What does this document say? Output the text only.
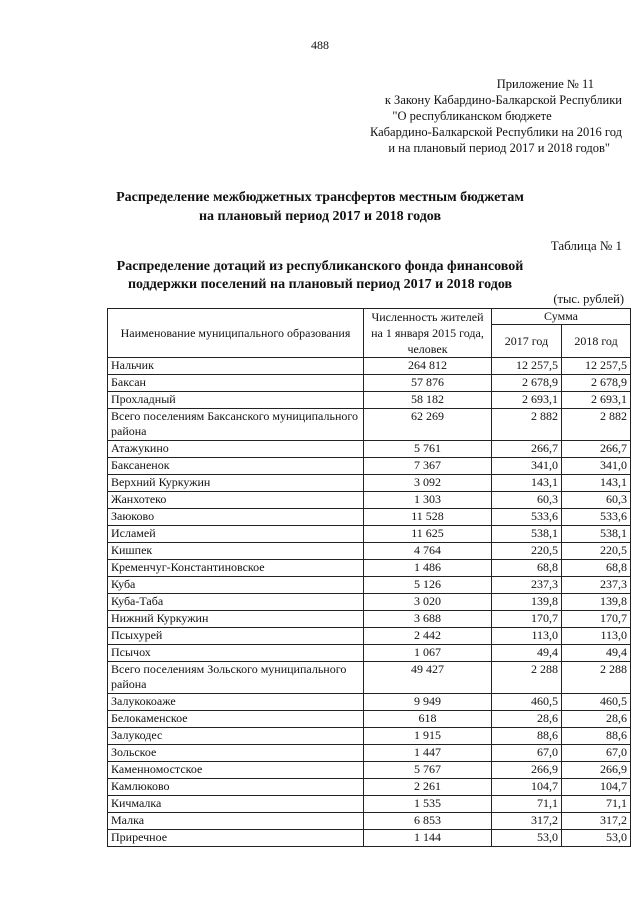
488
Приложение № 11
к Закону Кабардино-Балкарской Республики
"О республиканском бюджете
Кабардино-Балкарской Республики на 2016 год
и на плановый период 2017 и 2018 годов"
Распределение межбюджетных трансфертов местным бюджетам
на плановый период 2017 и 2018 годов
Таблица № 1
Распределение дотаций из республиканского фонда финансовой
поддержки поселений на плановый период 2017 и 2018 годов
(тыс. рублей)
Наименование муниципального образования	Численность жителей на 1 января 2015 года, человек	Сумма	
		2017 год	2018 год
Нальчик	264 812	12 257,5	12 257,5
Баксан	57 876	2 678,9	2 678,9
Прохладный	58 182	2 693,1	2 693,1
Всего поселениям Баксанского муниципального района	62 269	2 882	2 882
Атажукино	5 761	266,7	266,7
Баксаненок	7 367	341,0	341,0
Верхний Куркужин	3 092	143,1	143,1
Жанхотеко	1 303	60,3	60,3
Заюково	11 528	533,6	533,6
Исламей	11 625	538,1	538,1
Кишпек	4 764	220,5	220,5
Кременчуг-Константиновское	1 486	68,8	68,8
Куба	5 126	237,3	237,3
Куба-Таба	3 020	139,8	139,8
Нижний Куркужин	3 688	170,7	170,7
Псыхурей	2 442	113,0	113,0
Псычох	1 067	49,4	49,4
Всего поселениям Зольского муниципального района	49 427	2 288	2 288
Залукокоаже	9 949	460,5	460,5
Белокаменское	618	28,6	28,6
Залукодес	1 915	88,6	88,6
Зольское	1 447	67,0	67,0
Каменномостское	5 767	266,9	266,9
Камлюково	2 261	104,7	104,7
Кичмалка	1 535	71,1	71,1
Малка	6 853	317,2	317,2
Приречное	1 144	53,0	53,0
